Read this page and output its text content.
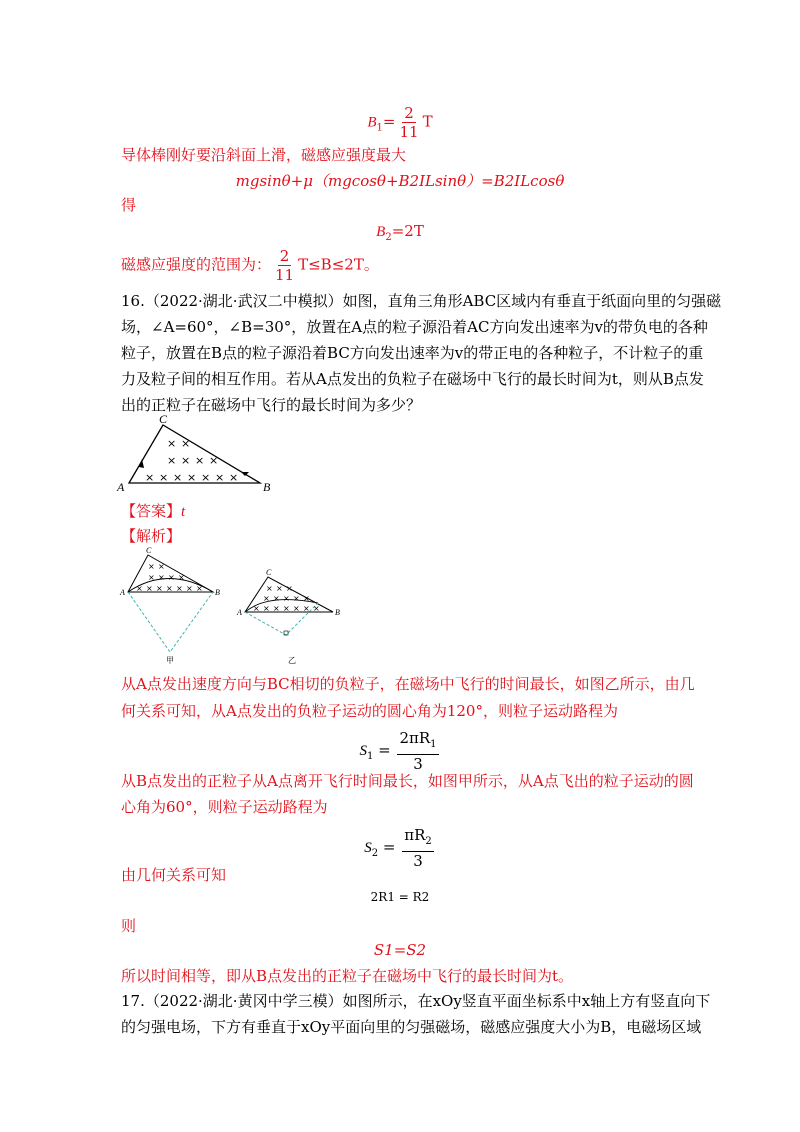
$B_1= \frac{2}{11}$ T
导体棒刚好要沿斜面上滑，磁感应强度最大
mgsinθ+μ（mgcosθ+B2ILsinθ）=B2ILcosθ
得
$B_2=2T$
磁感应强度的范围为： $\frac{2}{11} T\le B\le 2T$。
16.（2022·湖北·武汉二中模拟）如图，直角三角形ABC区域内有垂直于纸面向里的匀强磁
场，∠A=60°，∠B=30°，放置在A点的粒子源沿着AC方向发出速率为v的带负电的各种
粒子，放置在B点的粒子源沿着BC方向发出速率为v的带正电的各种粒子，不计粒子的重
力及粒子间的相互作用。若从A点发出的负粒子在磁场中飞行的最长时间为t，则从B点发
出的正粒子在磁场中飞行的最长时间为多少？
× ×
× × × ×
× × × × × × ×
A
C
B
【答案】t
【解析】
× ×
× × × ×
× × × × × × ×
A
C
B
甲
× × ×
× × × × ×
× × × × × × ×
A
C
B
乙
从A点发出速度方向与BC相切的负粒子，在磁场中飞行的时间最长，如图乙所示，由几
何关系可知，从A点发出的负粒子运动的圆心角为120°，则粒子运动路程为
$S_1 = \frac{2\pi R_1}{3}$
从B点发出的正粒子从A点离开飞行时间最长，如图甲所示，从A点飞出的粒子运动的圆
心角为60°，则粒子运动路程为
$S_2 = \frac{\pi R_2}{3}$
由几何关系可知
2R1 = R2
则
S1=S2
所以时间相等，即从B点发出的正粒子在磁场中飞行的最长时间为t。
17.（2022·湖北·黄冈中学三模）如图所示，在xOy竖直平面坐标系中x轴上方有竖直向下
的匀强电场，下方有垂直于xOy平面向里的匀强磁场，磁感应强度大小为B，电磁场区域
